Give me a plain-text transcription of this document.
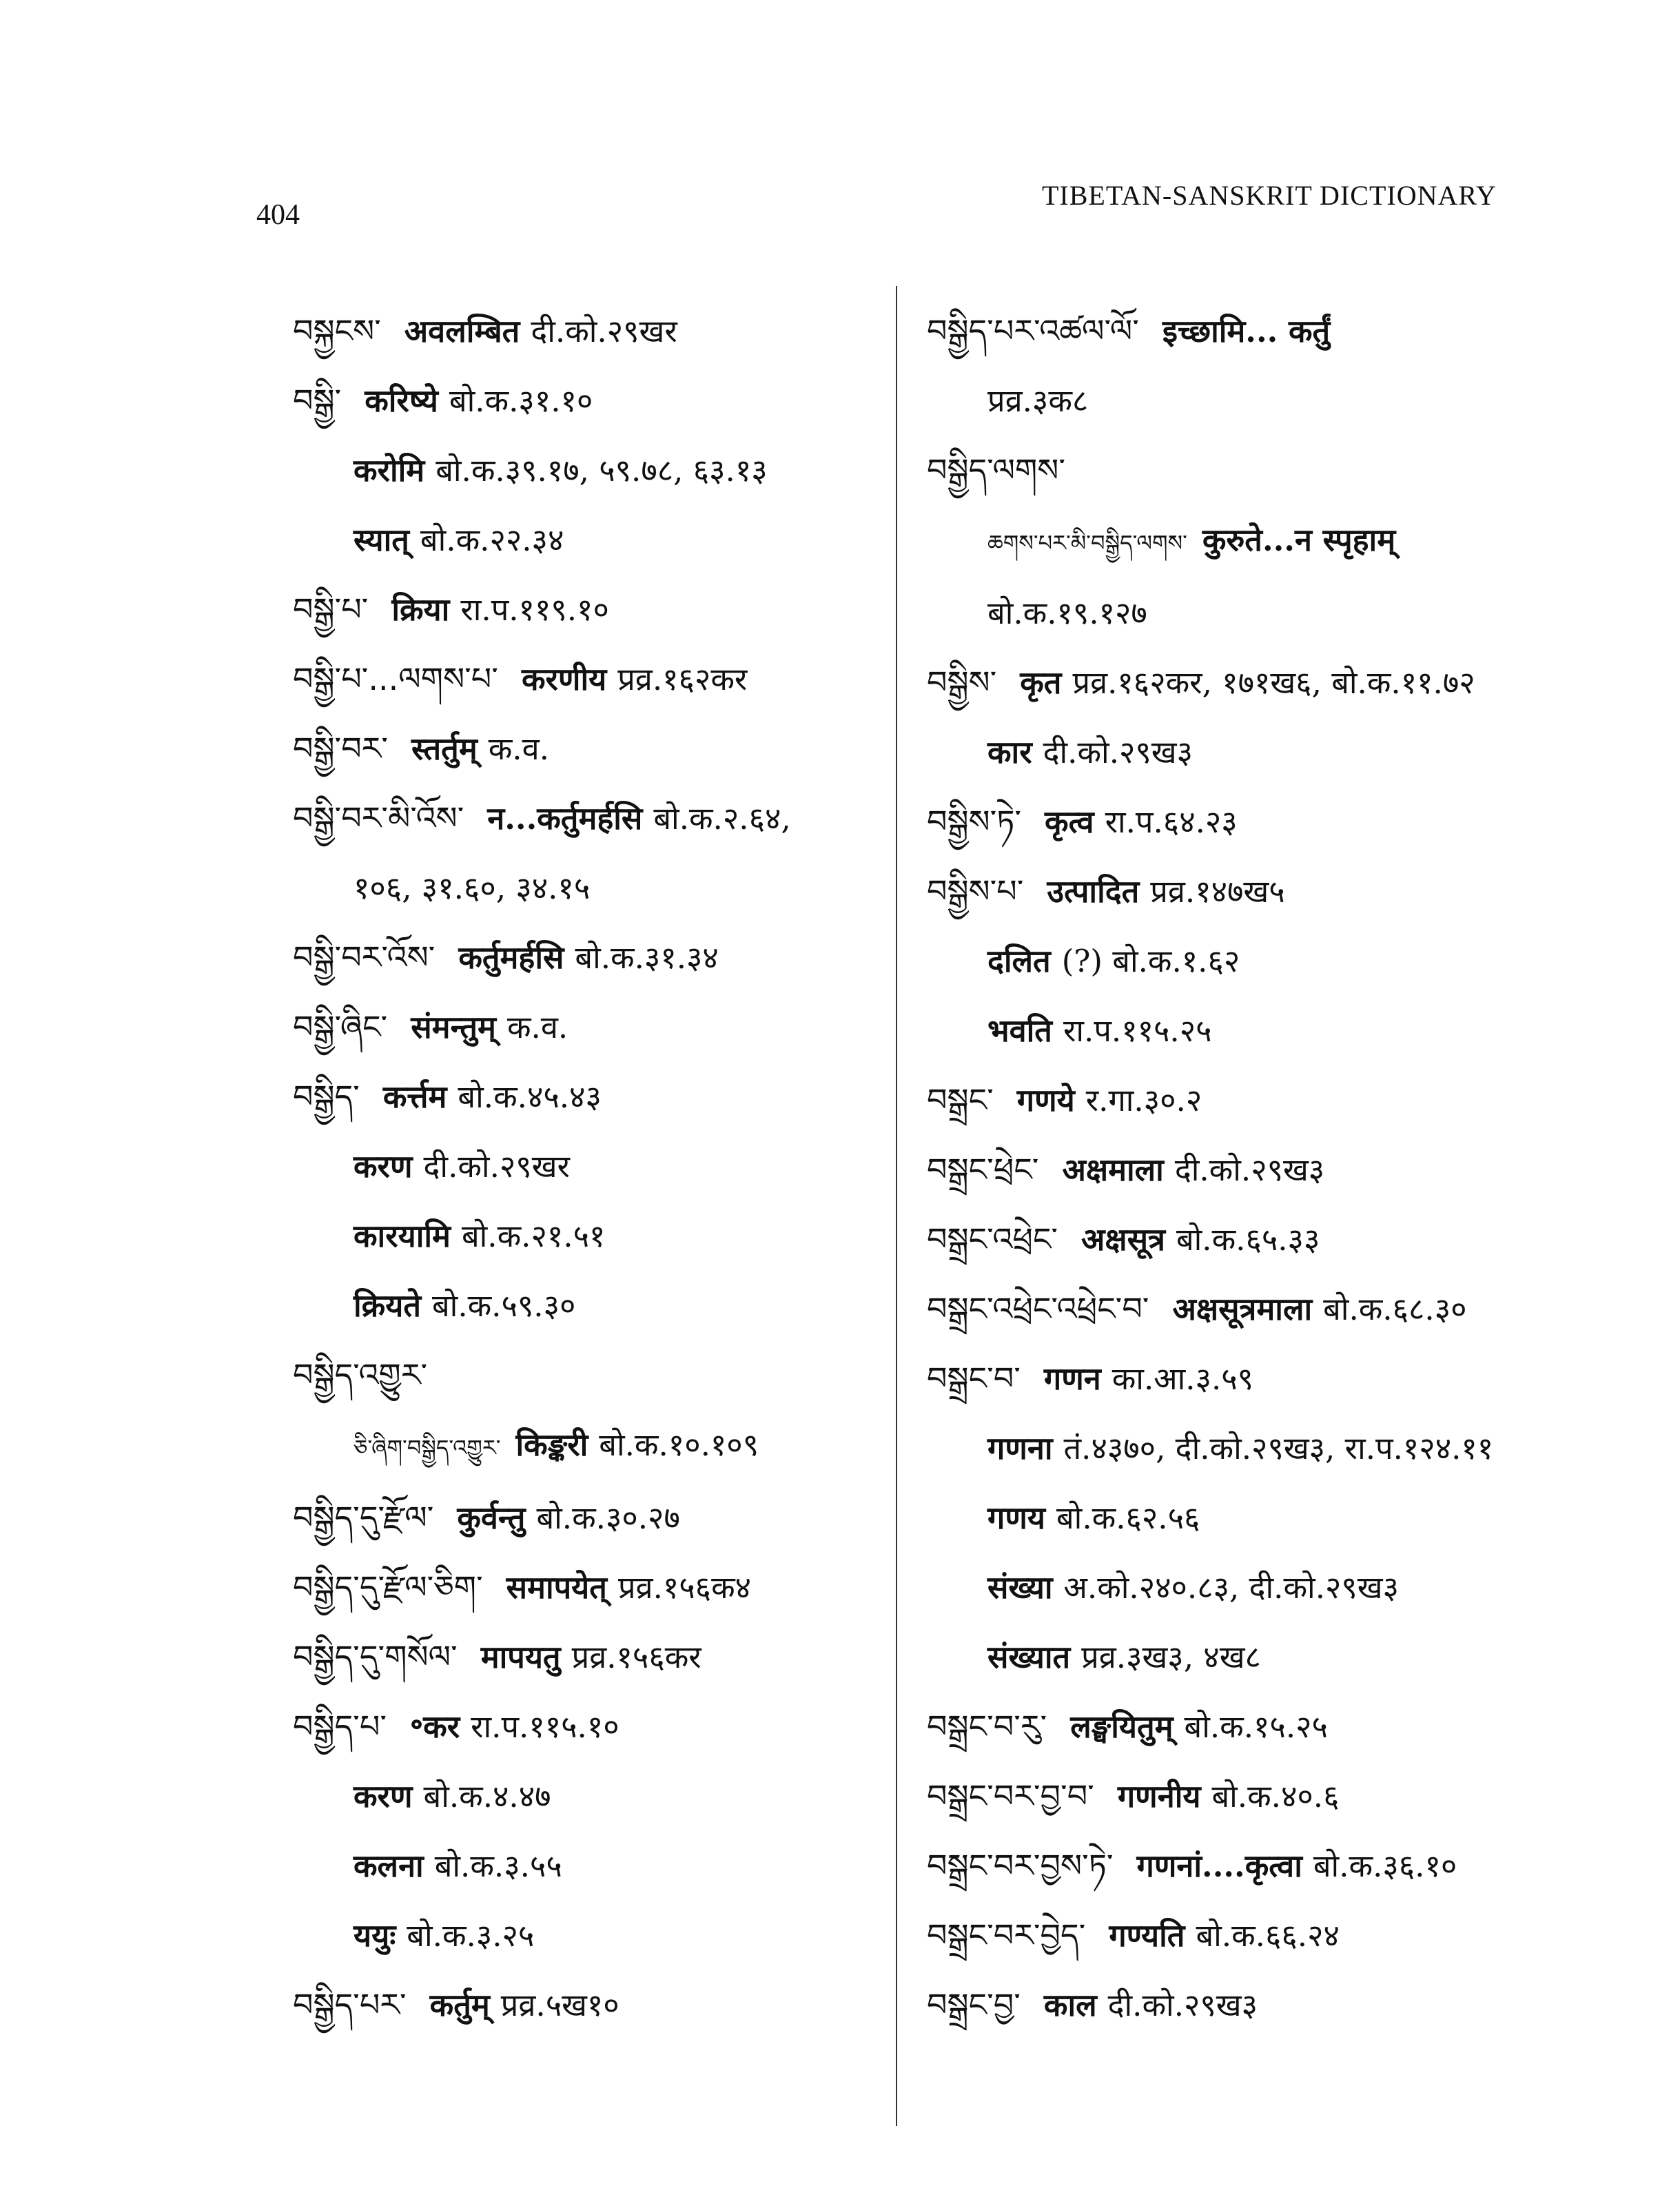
404
TIBETAN-SANSKRIT DICTIONARY
བསྐྱངས་ अवलम्बित दी.को.२९खर
བསྒྱི་ करिष्ये बो.क.३१.१०
करोमि बो.क.३९.१७, ५९.७८, ६३.१३
स्यात् बो.क.२२.३४
བསྒྱི་པ་ क्रिया रा.प.११९.१०
བསྒྱི་པ་...ལགས་པ་ करणीय प्रव्र.१६२कर
བསྒྱི་བར་ स्तर्तुम् क.व.
བསྒྱི་བར་མི་འོས་ न...कर्तुमर्हसि बो.क.२.६४,
१०६, ३१.६०, ३४.१५
བསྒྱི་བར་འོས་ कर्तुमर्हसि बो.क.३१.३४
བསྒྱི་ཞིང་ संमन्तुम् क.व.
བསྒྱིད་ कर्त्तम बो.क.४५.४३
करण दी.को.२९खर
कारयामि बो.क.२१.५१
क्रियते बो.क.५९.३०
བསྒྱིད་འགྱུར་
ཅི་ཞིག་བསྒྱིད་འགྱུར་ किङ्करी बो.क.१०.१०९
བསྒྱིད་དུ་རྫོལ་ कुर्वन्तु बो.क.३०.२७
བསྒྱིད་དུ་རྫོལ་ཅིག་ समापयेत् प्रव्र.१५६क४
བསྒྱིད་དུ་གསོལ་ मापयतु प्रव्र.१५६कर
བསྒྱིད་པ་ ॰कर रा.प.११५.१०
करण बो.क.४.४७
कलना बो.क.३.५५
ययुः बो.क.३.२५
བསྒྱིད་པར་ कर्तुम् प्रव्र.५ख१०
བསྒྱིད་པར་འཚལ་ལོ་ इच्छामि... कर्तुं
प्रव्र.३क८
བསྒྱིད་ལགས་
ཆགས་པར་མི་བསྒྱིད་ལགས་ कुरुते...न स्पृहाम्
बो.क.१९.१२७
བསྒྱིས་ कृत प्रव्र.१६२कर, १७१ख६, बो.क.११.७२
कार दी.को.२९ख३
བསྒྱིས་ཏེ་ कृत्व रा.प.६४.२३
བསྒྱིས་པ་ उत्पादित प्रव्र.१४७ख५
दलित (?) बो.क.१.६२
भवति रा.प.११५.२५
བསྒྲང་ गणये र.गा.३०.२
བསྒྲང་ཕྲེང་ अक्षमाला दी.को.२९ख३
བསྒྲང་འཕྲེང་ अक्षसूत्र बो.क.६५.३३
བསྒྲང་འཕྲེང་འཕྲེང་བ་ अक्षसूत्रमाला बो.क.६८.३०
བསྒྲང་བ་ गणन का.आ.३.५९
गणना तं.४३७०, दी.को.२९ख३, रा.प.१२४.११
गणय बो.क.६२.५६
संख्या अ.को.२४०.८३, दी.को.२९ख३
संख्यात प्रव्र.३ख३, ४ख८
བསྒྲང་བ་རུ་ लङ्घयितुम् बो.क.१५.२५
བསྒྲང་བར་བྱ་བ་ गणनीय बो.क.४०.६
བསྒྲང་བར་བྱས་ཏེ་ गणनां....कृत्वा बो.क.३६.१०
བསྒྲང་བར་བྱེད་ गण्यति बो.क.६६.२४
བསྒྲང་བྱ་ काल दी.को.२९ख३
